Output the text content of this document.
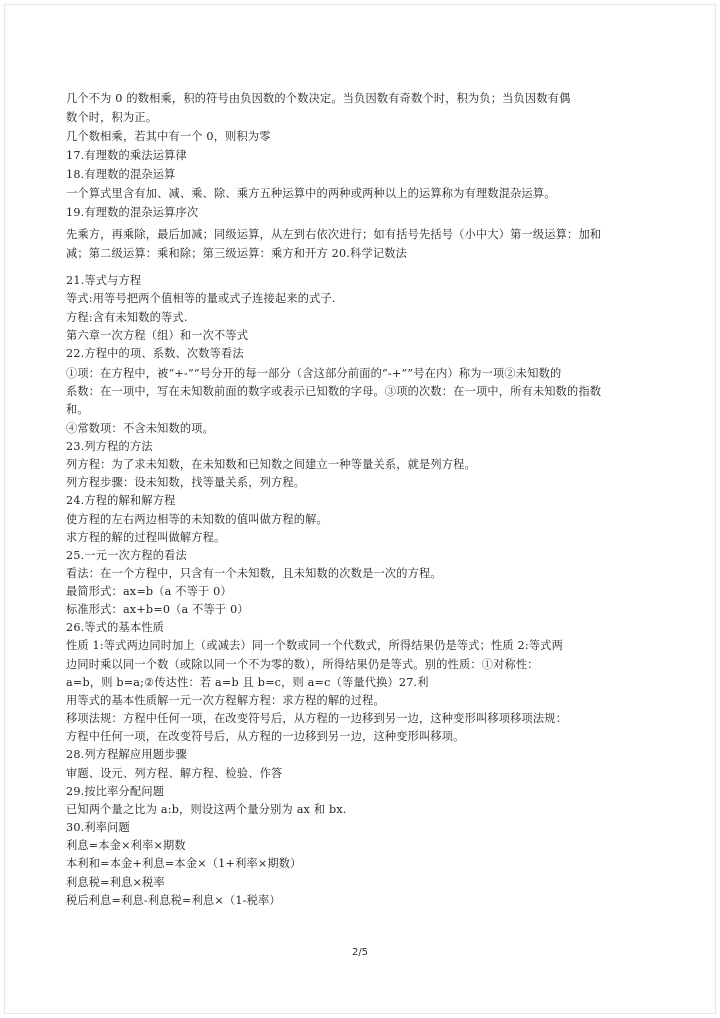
几个不为 0 的数相乘，积的符号由负因数的个数决定。当负因数有奇数个时，积为负；当负因数有偶
数个时，积为正。
几个数相乘，若其中有一个 0，则积为零
17.有理数的乘法运算律
18.有理数的混杂运算
一个算式里含有加、减、乘、除、乘方五种运算中的两种或两种以上的运算称为有理数混杂运算。
19.有理数的混杂运算序次
先乘方，再乘除，最后加减；同级运算，从左到右依次进行；如有括号先括号（小中大）第一级运算：加和
减；第二级运算：乘和除；第三级运算：乘方和开方 20.科学记数法
21.等式与方程
等式:用等号把两个值相等的量或式子连接起来的式子.
方程:含有未知数的等式.
第六章一次方程（组）和一次不等式
22.方程中的项、系数、次数等看法
①项：在方程中，被“+-”“号分开的每一部分（含这部分前面的“-+””号在内）称为一项②未知数的
系数：在一项中，写在未知数前面的数字或表示已知数的字母。③项的次数：在一项中，所有未知数的指数
和。
④常数项：不含未知数的项。
23.列方程的方法
列方程：为了求未知数，在未知数和已知数之间建立一种等量关系，就是列方程。
列方程步骤：设未知数，找等量关系，列方程。
24.方程的解和解方程
使方程的左右两边相等的未知数的值叫做方程的解。
求方程的解的过程叫做解方程。
25.一元一次方程的看法
看法：在一个方程中，只含有一个未知数，且未知数的次数是一次的方程。
最简形式：ax=b（a 不等于 0）
标准形式：ax+b=0（a 不等于 0）
26.等式的基本性质
性质 1:等式两边同时加上（或减去）同一个数或同一个代数式，所得结果仍是等式；性质 2:等式两
边同时乘以同一个数（或除以同一个不为零的数），所得结果仍是等式。别的性质：①对称性：
a=b，则 b=a;②传达性：若 a=b 且 b=c，则 a=c（等量代换）27.利
用等式的基本性质解一元一次方程解方程：求方程的解的过程。
移项法规：方程中任何一项，在改变符号后，从方程的一边移到另一边，这种变形叫移项移项法规：
方程中任何一项，在改变符号后，从方程的一边移到另一边，这种变形叫移项。
28.列方程解应用题步骤
审题、设元、列方程、解方程、检验、作答
29.按比率分配问题
已知两个量之比为 a:b，则设这两个量分别为 ax 和 bx.
30.利率问题
利息=本金×利率×期数
本利和=本金+利息=本金×（1+利率×期数）
利息税=利息×税率
税后利息=利息-利息税=利息×（1-税率）
2/5
